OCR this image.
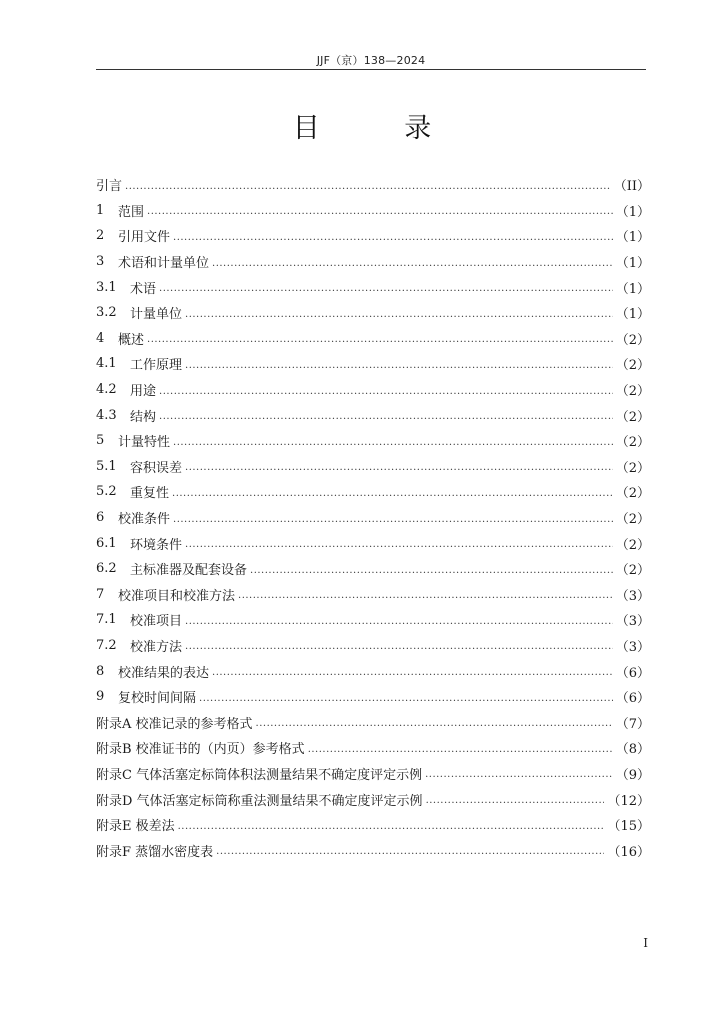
JJF（京）138—2024
目 录
引言 .....	（II）
1	范围 .....	（1）
2	引用文件 .....	（1）
3	术语和计量单位 .....	（1）
3.1	术语 .....	（1）
3.2	计量单位 .....	（1）
4	概述 .....	（2）
4.1	工作原理 .....	（2）
4.2	用途 .....	（2）
4.3	结构 .....	（2）
5	计量特性 .....	（2）
5.1	容积误差 .....	（2）
5.2	重复性 .....	（2）
6	校准条件 .....	（2）
6.1	环境条件 .....	（2）
6.2	主标准器及配套设备 .....	（2）
7	校准项目和校准方法 .....	（3）
7.1	校准项目 .....	（3）
7.2	校准方法 .....	（3）
8	校准结果的表达 .....	（6）
9	复校时间间隔 .....	（6）
附录A 校准记录的参考格式 .....	（7）
附录B 校准证书的（内页）参考格式 .....	（8）
附录C 气体活塞定标筒体积法测量结果不确定度评定示例 .....	（9）
附录D 气体活塞定标筒称重法测量结果不确定度评定示例 .....	（12）
附录E 极差法 .....	（15）
附录F 蒸馏水密度表 .....	（16）
I
